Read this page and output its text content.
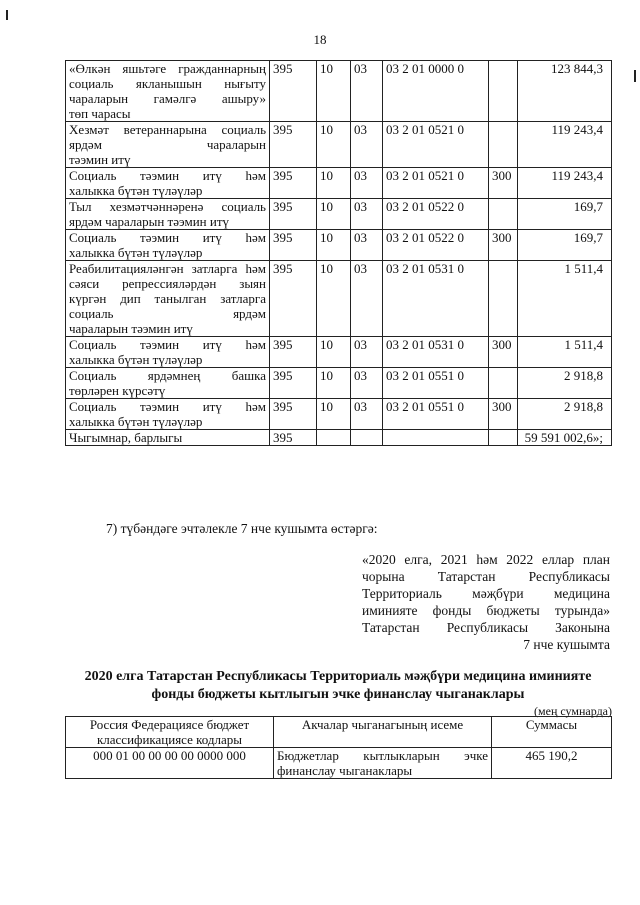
18
«Өлкән яшьтәге гражданнарның социаль якланышын нығыту чараларын гамәлгә ашыру»
төп чарасы	395	10	03	03 2 01 0000 0		123 844,3
Хезмәт ветераннарына социаль ярдәм чараларын
тәэмин итү	395	10	03	03 2 01 0521 0		119 243,4
Социаль тәэмин итү һәм
халыкка бүтән түләүләр	395	10	03	03 2 01 0521 0	300	119 243,4
Тыл хезмәтчәннәренә социаль
ярдәм чараларын тәэмин итү	395	10	03	03 2 01 0522 0		169,7
Социаль тәэмин итү һәм
халыкка бүтән түләүләр	395	10	03	03 2 01 0522 0	300	169,7
Реабилитацияләнгән затларга һәм сәяси репрессияләрдән зыян күргән дип танылган затларга социаль ярдәм
чараларын тәэмин итү	395	10	03	03 2 01 0531 0		1 511,4
Социаль тәэмин итү һәм
халыкка бүтән түләүләр	395	10	03	03 2 01 0531 0	300	1 511,4
Социаль ярдәмнең башка
төрләрен күрсәтү	395	10	03	03 2 01 0551 0		2 918,8
Социаль тәэмин итү һәм
халыкка бүтән түләүләр	395	10	03	03 2 01 0551 0	300	2 918,8

Чыгымнар, барлыгы	395					59 591 002,6»;
7) түбәндәге эчтәлекле 7 нче кушымта өстәргә:
«2020 елга, 2021 һәм 2022 еллар план
чорына Татарстан Республикасы
Территориаль мәҗбүри медицина
иминияте фонды бюджеты турында»
Татарстан Республикасы Законына
7 нче кушымта
2020 елга Татарстан Республикасы Территориаль мәҗбүри медицина иминияте
фонды бюджеты кытлыгын эчке финанслау чыганаклары
(мең сумнарда)
Россия Федерациясе бюджет
классификациясе кодлары	Акчалар чыганагының исеме	Суммасы

000 01 00 00 00 00 0000 000	Бюджетлар кытлыкларын эчке
финанслау чыганаклары	465 190,2
